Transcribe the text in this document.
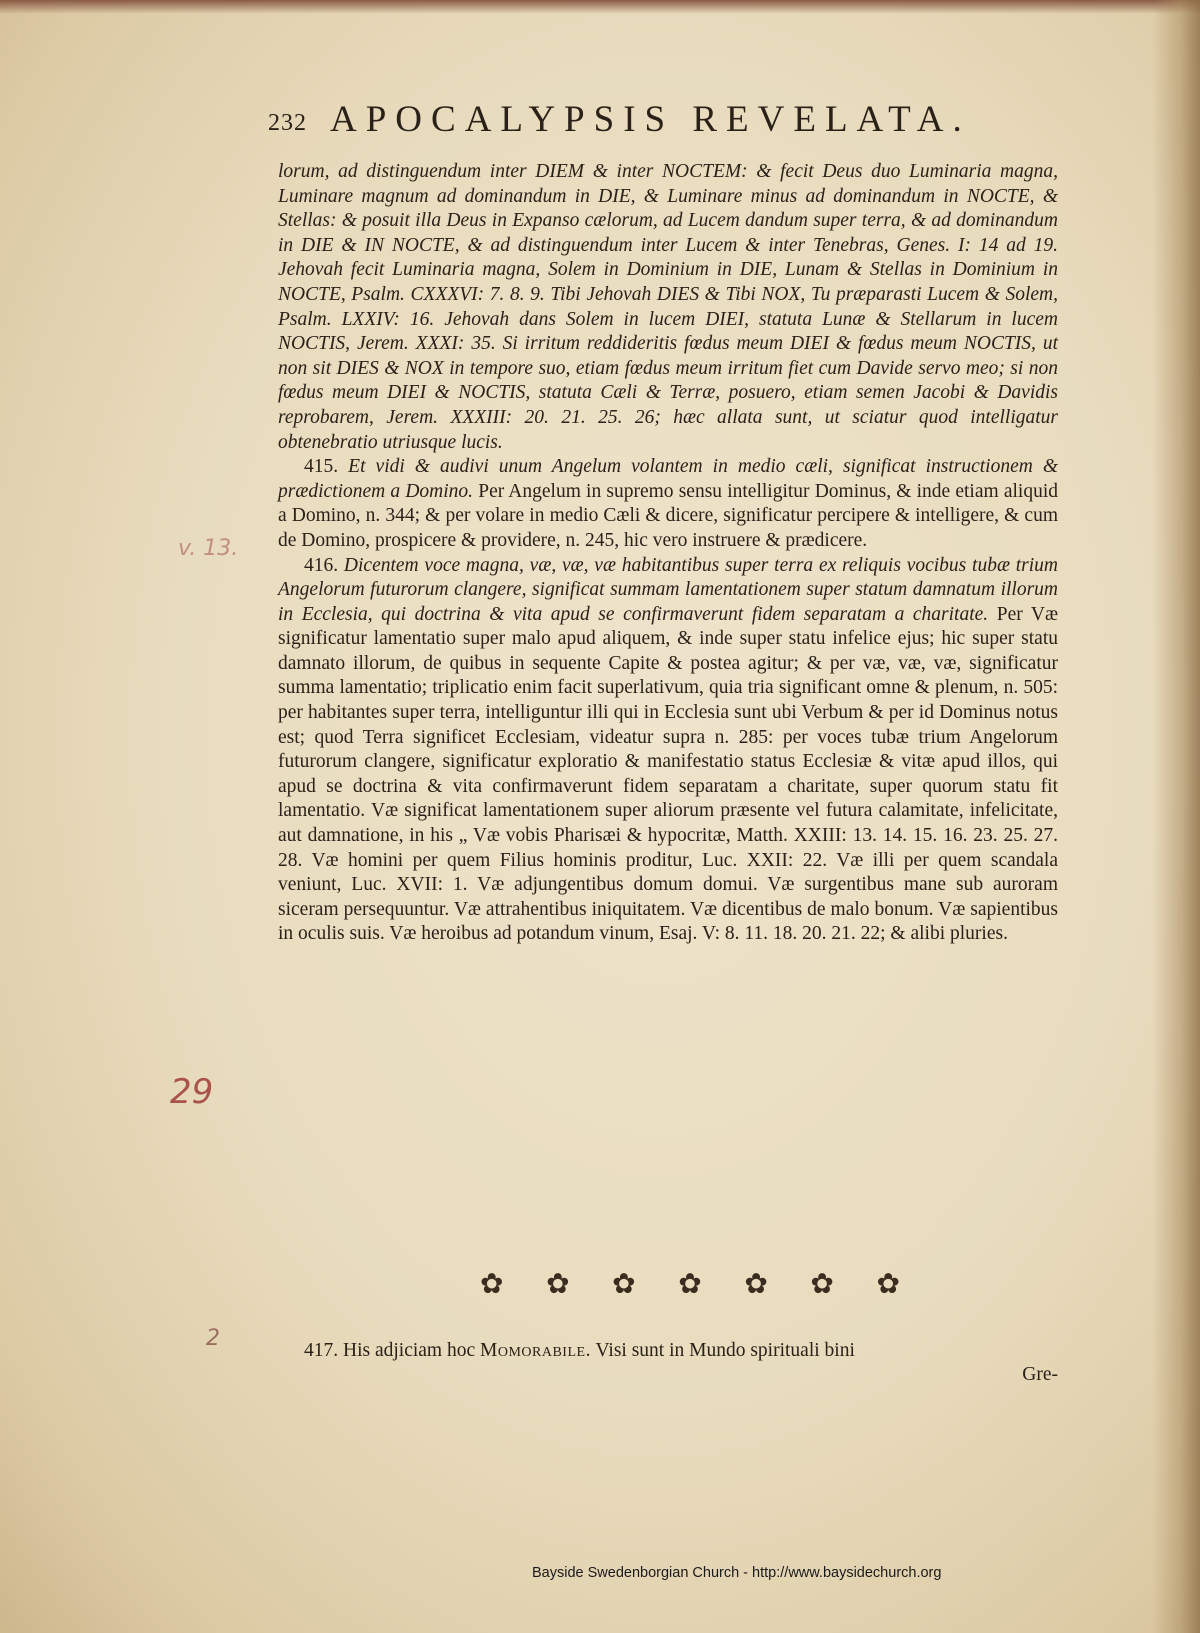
232 APOCALYPSIS REVELATA.

lorum, ad distinguendum inter DIEM & inter NOCTEM: & fecit Deus duo Luminaria magna, Luminare magnum ad dominandum in DIE, & Luminare minus ad dominandum in NOCTE, & Stellas: & posuit illa Deus in Expanso cælorum, ad Lucem dandum super terra, & ad dominandum in DIE & IN NOCTE, & ad distinguendum inter Lucem & inter Tenebras, Genes. I: 14 ad 19. Jehovah fecit Luminaria magna, Solem in Dominium in DIE, Lunam & Stellas in Dominium in NOCTE, Psalm. CXXXVI: 7. 8. 9. Tibi Jehovah DIES & Tibi NOX, Tu præparasti Lucem & Solem, Psalm. LXXIV: 16. Jehovah dans Solem in lucem DIEI, statuta Lunæ & Stellarum in lucem NOCTIS, Jerem. XXXI: 35. Si irritum reddideritis fœdus meum DIEI & fœdus meum NOCTIS, ut non sit DIES & NOX in tempore suo, etiam fœdus meum irritum fiet cum Davide servo meo; si non fœdus meum DIEI & NOCTIS, statuta Cæli & Terræ, posuero, etiam semen Jacobi & Davidis reprobarem, Jerem. XXXIII: 20. 21. 25. 26; hæc allata sunt, ut sciatur quod intelligatur obtenebratio utriusque lucis.

415. Et vidi & audivi unum Angelum volantem in medio cæli, significat instructionem & prædictionem a Domino. Per Angelum in supremo sensu intelligitur Dominus, & inde etiam aliquid a Domino, n. 344; & per volare in medio Cæli & dicere, significatur percipere & intelligere, & cum de Domino, prospicere & providere, n. 245, hic vero instruere & prædicere.

416. Dicentem voce magna, væ, væ, væ habitantibus super terra ex reliquis vocibus tubæ trium Angelorum futurorum clangere, significat summam lamentationem super statum damnatum illorum in Ecclesia, qui doctrina & vita apud se confirmaverunt fidem separatam a charitate. Per Væ significatur lamentatio super malo apud aliquem, & inde super statu infelice ejus; hic super statu damnato illorum, de quibus in sequente Capite & postea agitur; & per væ, væ, væ, significatur summa lamentatio; triplicatio enim facit superlativum, quia tria significant omne & plenum, n. 505: per habitantes super terra, intelliguntur illi qui in Ecclesia sunt ubi Verbum & per id Dominus notus est; quod Terra significet Ecclesiam, videatur supra n. 285: per voces tubæ trium Angelorum futurorum clangere, significatur exploratio & manifestatio status Ecclesiæ & vitæ apud illos, qui apud se doctrina & vita confirmaverunt fidem separatam a charitate, super quorum statu fit lamentatio. Væ significat lamentationem super aliorum præsente vel futura calamitate, infelicitate, aut damnatione, in his „ Væ vobis Pharisæi & hypocritæ, Matth. XXIII: 13. 14. 15. 16. 23. 25. 27. 28. Væ homini per quem Filius hominis proditur, Luc. XXII: 22. Væ illi per quem scandala veniunt, Luc. XVII: 1. Væ adjungentibus domum domui. Væ surgentibus mane sub auroram siceram persequuntur. Væ attrahentibus iniquitatem. Væ dicentibus de malo bonum. Væ sapientibus in oculis suis. Væ heroibus ad potandum vinum, Esaj. V: 8. 11. 18. 20. 21. 22; & alibi pluries.

✿ ✿ ✿ ✿ ✿ ✿ ✿

417. His adjiciam hoc Momorabile. Visi sunt in Mundo spirituali bini

Gre-
v. 13.
29
2
Bayside Swedenborgian Church - http://www.baysidechurch.org
